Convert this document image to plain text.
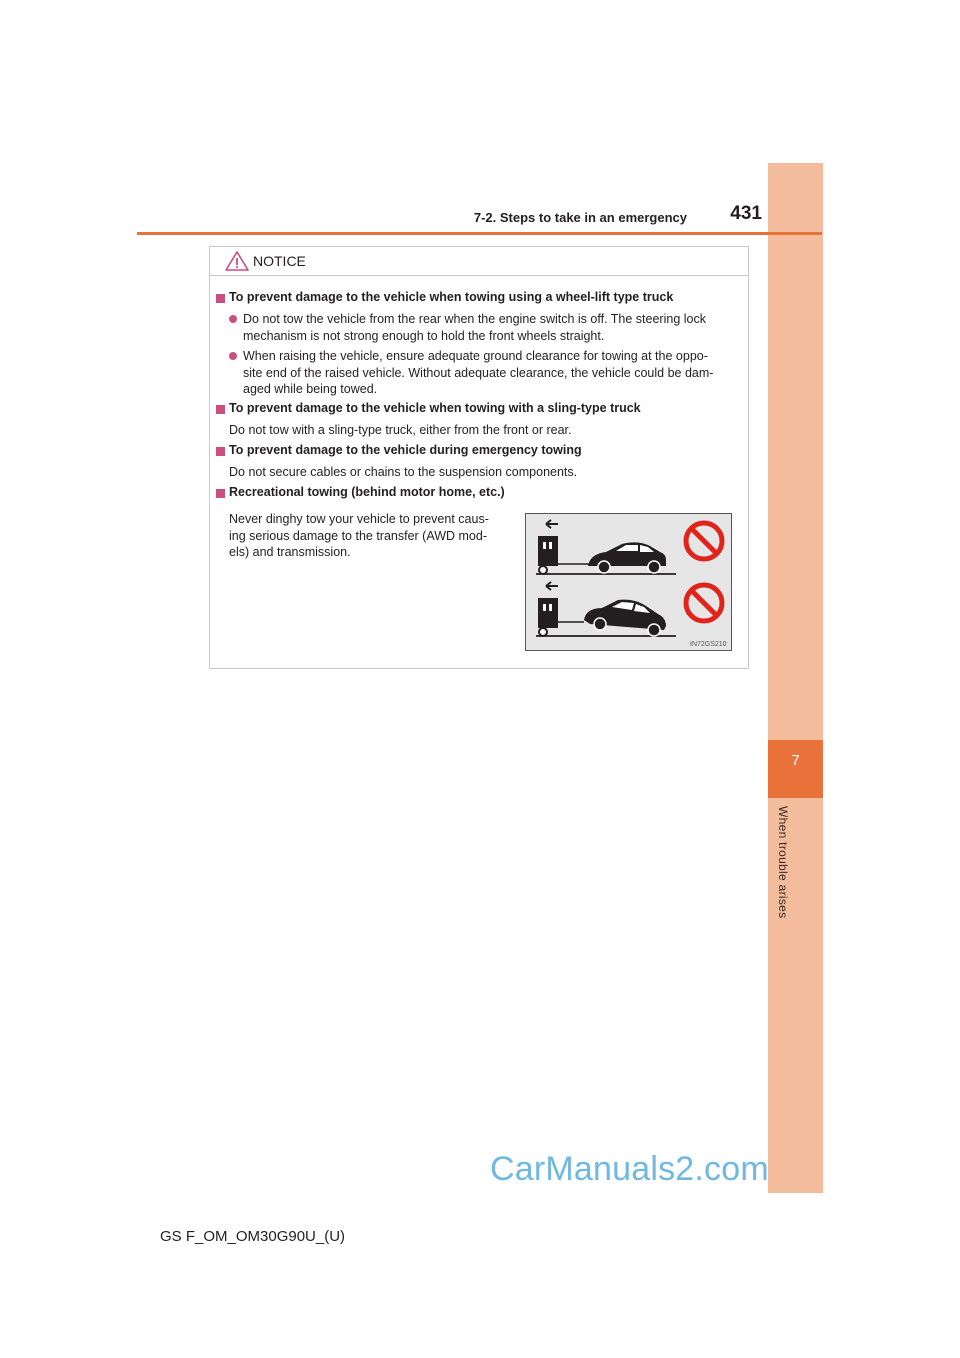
7
When trouble arises
7-2. Steps to take in an emergency	431
NOTICE
To prevent damage to the vehicle when towing using a wheel-lift type truck
Do not tow the vehicle from the rear when the engine switch is off. The steering lock
mechanism is not strong enough to hold the front wheels straight.
When raising the vehicle, ensure adequate ground clearance for towing at the oppo-
site end of the raised vehicle. Without adequate clearance, the vehicle could be dam-
aged while being towed.
To prevent damage to the vehicle when towing with a sling-type truck
Do not tow with a sling-type truck, either from the front or rear.
To prevent damage to the vehicle during emergency towing
Do not secure cables or chains to the suspension components.
Recreational towing (behind motor home, etc.)
Never dinghy tow your vehicle to prevent caus-
ing serious damage to the transfer (AWD mod-
els) and transmission.
IN72GS210
CarManuals2.com
GS F_OM_OM30G90U_(U)
